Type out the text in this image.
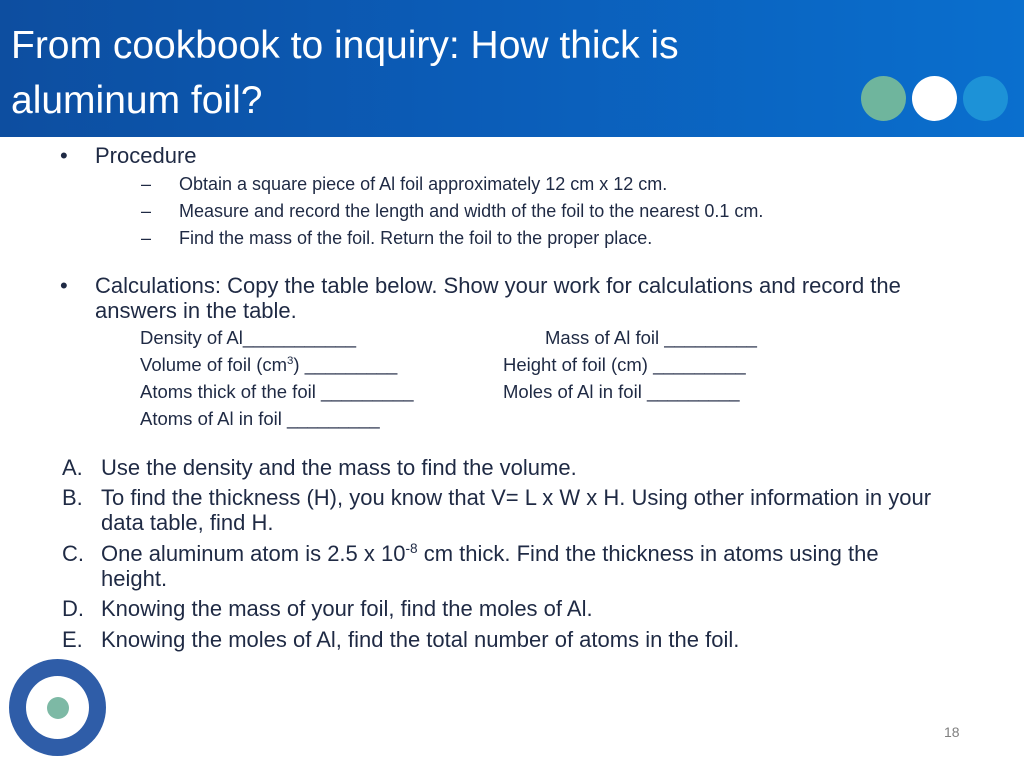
From cookbook to inquiry: How thick is aluminum foil?
• Procedure
– Obtain a square piece of Al foil approximately 12 cm x 12 cm.
– Measure and record the length and width of the foil to the nearest 0.1 cm.
– Find the mass of the foil. Return the foil to the proper place.
• Calculations: Copy the table below. Show your work for calculations and record the
answers in the table.
Density of Al___________	Mass of Al foil _________
Volume of foil $(cm^3)$ _________	Height of foil (cm) _________
Atoms thick of the foil _________	Moles of Al in foil _________
Atoms of Al in foil _________
A. Use the density and the mass to find the volume.
B. To find the thickness (H), you know that V= L x W x H. Using other information in your
data table, find H.
C. One aluminum atom is 2.5 x $10^{-8}$ cm thick. Find the thickness in atoms using the
height.
D. Knowing the mass of your foil, find the moles of Al.
E. Knowing the moles of Al, find the total number of atoms in the foil.
18
